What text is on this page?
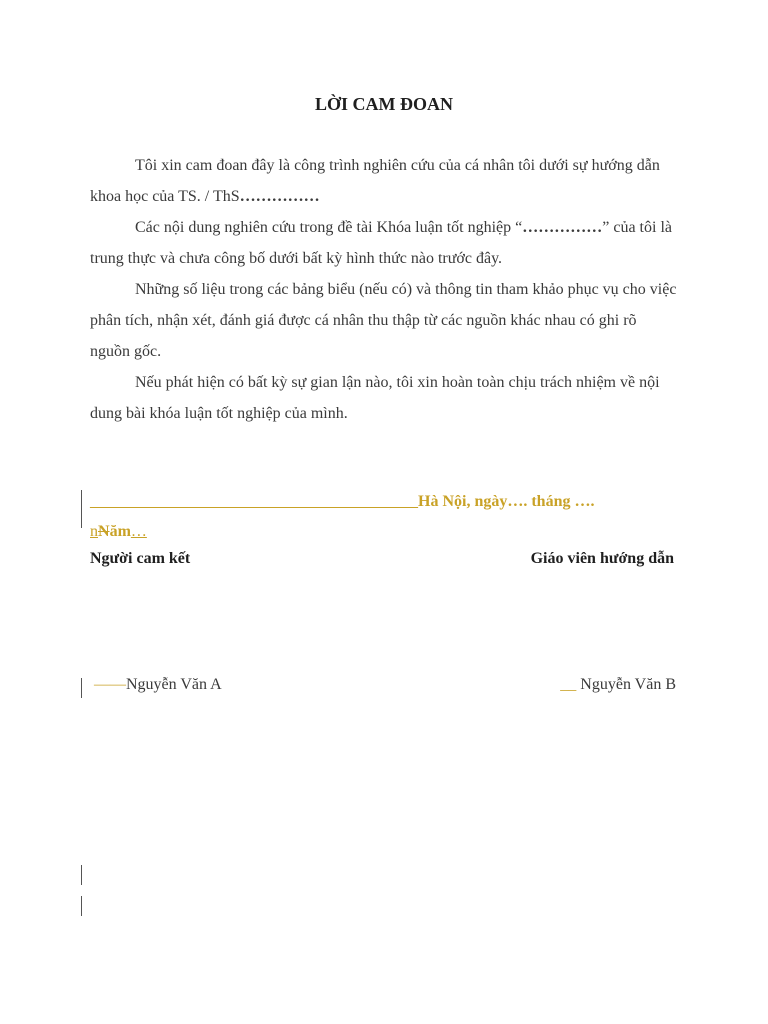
LỜI CAM ĐOAN

Tôi xin cam đoan đây là công trình nghiên cứu của cá nhân tôi dưới sự hướng dẫn khoa học của TS. / ThS……………

Các nội dung nghiên cứu trong đề tài Khóa luận tốt nghiệp “……………” của tôi là trung thực và chưa công bố dưới bất kỳ hình thức nào trước đây.

Những số liệu trong các bảng biểu (nếu có) và thông tin tham khảo phục vụ cho việc phân tích, nhận xét, đánh giá được cá nhân thu thập từ các nguồn khác nhau có ghi rõ nguồn gốc.

Nếu phát hiện có bất kỳ sự gian lận nào, tôi xin hoàn toàn chịu trách nhiệm về nội dung bài khóa luận tốt nghiệp của mình.

_________________________________________Hà Nội, ngày…. tháng ….
nNăm…
Người cam kết	Giáo viên hướng dẫn
——Nguyễn Văn A	__ Nguyễn Văn B
